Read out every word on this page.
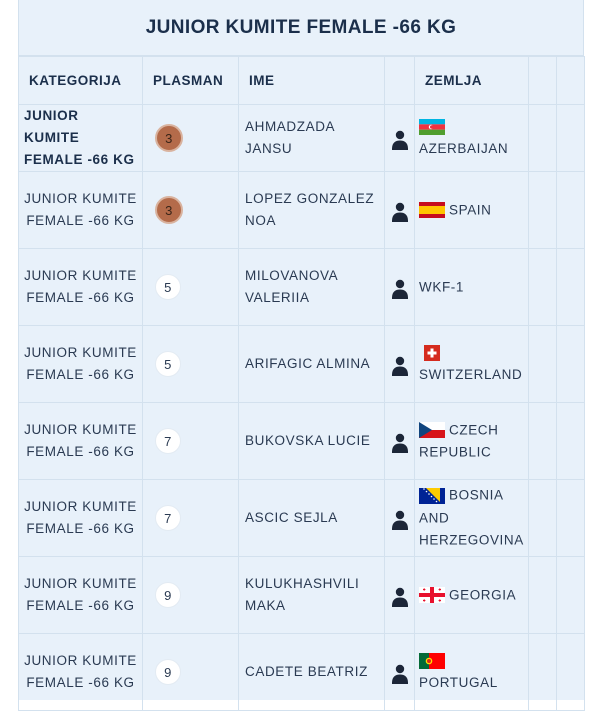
JUNIOR KUMITE FEMALE -66 KG
KATEGORIJA	PLASMAN	IME		ZEMLJA		
JUNIOR KUMITE FEMALE -66 KG	3	AHMADZADA JANSU		AZERBAIJAN		

JUNIOR KUMITE FEMALE -66 KG	3	LOPEZ GONZALEZ NOA		SPAIN		
JUNIOR KUMITE FEMALE -66 KG	5	MILOVANOVA VALERIIA		WKF-1		
JUNIOR KUMITE FEMALE -66 KG	5	ARIFAGIC ALMINA		SWITZERLAND		

JUNIOR KUMITE FEMALE -66 KG	7	BUKOVSKA LUCIE		CZECH REPUBLIC		
JUNIOR KUMITE FEMALE -66 KG	7	ASCIC SEJLA		BOSNIA AND HERZEGOVINA		
JUNIOR KUMITE FEMALE -66 KG	9	KULUKHASHVILI MAKA		GEORGIA		
JUNIOR KUMITE FEMALE -66 KG	9	CADETE BEATRIZ		PORTUGAL		
